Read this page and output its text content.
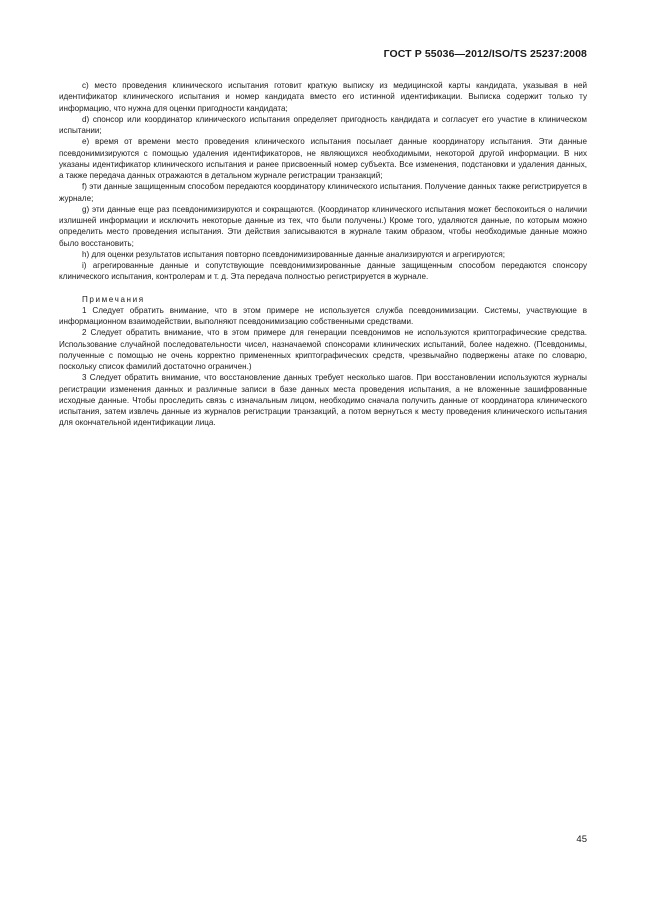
ГОСТ Р 55036—2012/ISO/TS 25237:2008

c) место проведения клинического испытания готовит краткую выписку из медицинской карты кандидата, указывая в ней идентификатор клинического испытания и номер кандидата вместо его истинной идентификации. Выписка содержит только ту информацию, что нужна для оценки пригодности кандидата;

d) спонсор или координатор клинического испытания определяет пригодность кандидата и согласует его участие в клиническом испытании;

e) время от времени место проведения клинического испытания посылает данные координатору испытания. Эти данные псевдонимизируются с помощью удаления идентификаторов, не являющихся необходимыми, некоторой другой информации. В них указаны идентификатор клинического испытания и ранее присвоенный номер субъекта. Все изменения, подстановки и удаления данных, а также передача данных отражаются в детальном журнале регистрации транзакций;

f) эти данные защищенным способом передаются координатору клинического испытания. Получение данных также регистрируется в журнале;

g) эти данные еще раз псевдонимизируются и сокращаются. (Координатор клинического испытания может беспокоиться о наличии излишней информации и исключить некоторые данные из тех, что были получены.) Кроме того, удаляются данные, по которым можно определить место проведения испытания. Эти действия записываются в журнале таким образом, чтобы необходимые данные можно было восстановить;

h) для оценки результатов испытания повторно псевдонимизированные данные анализируются и агрегируются;

i) агрегированные данные и сопутствующие псевдонимизированные данные защищенным способом передаются спонсору клинического испытания, контролерам и т. д. Эта передача полностью регистрируется в журнале.

Примечания

1 Следует обратить внимание, что в этом примере не используется служба псевдонимизации. Системы, участвующие в информационном взаимодействии, выполняют псевдонимизацию собственными средствами.

2 Следует обратить внимание, что в этом примере для генерации псевдонимов не используются криптографические средства. Использование случайной последовательности чисел, назначаемой спонсорами клинических испытаний, более надежно. (Псевдонимы, полученные с помощью не очень корректно примененных криптографических средств, чрезвычайно подвержены атаке по словарю, поскольку список фамилий достаточно ограничен.)

3 Следует обратить внимание, что восстановление данных требует несколько шагов. При восстановлении используются журналы регистрации изменения данных и различные записи в базе данных места проведения испытания, а не вложенные зашифрованные исходные данные. Чтобы проследить связь с изначальным лицом, необходимо сначала получить данные от координатора клинического испытания, затем извлечь данные из журналов регистрации транзакций, а потом вернуться к месту проведения клинического испытания для окончательной идентификации лица.

45
